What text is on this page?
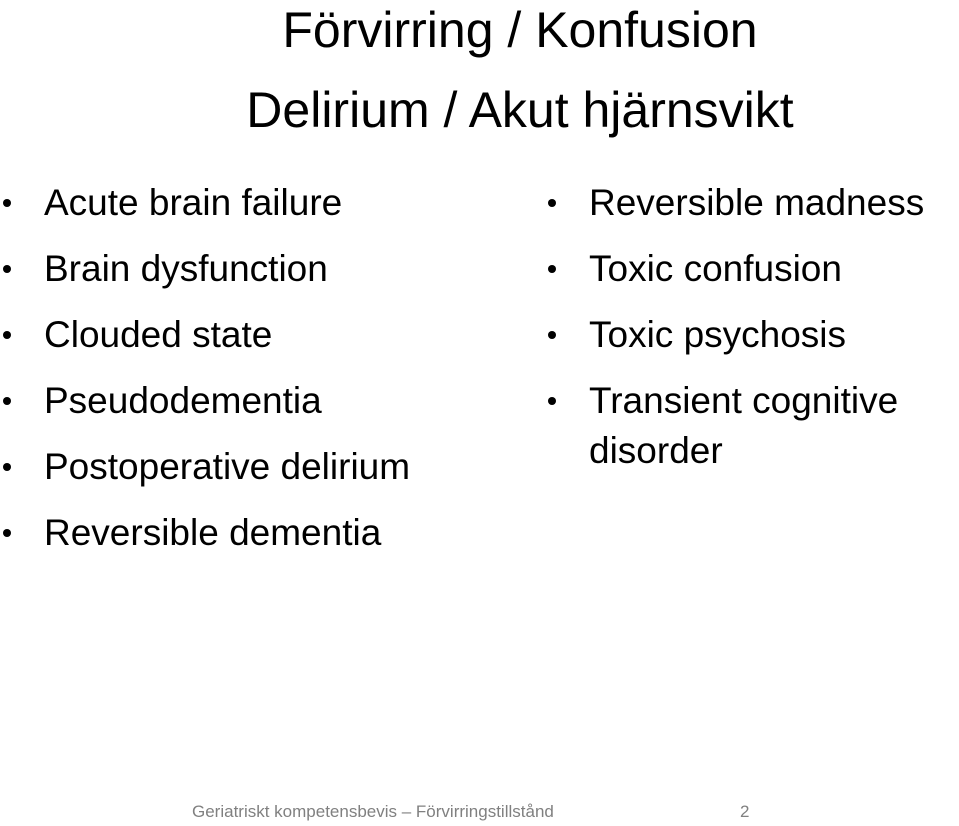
Förvirring / Konfusion
Delirium / Akut hjärnsvikt
Acute brain failure
Brain dysfunction
Clouded state
Pseudodementia
Postoperative delirium
Reversible dementia
Reversible madness
Toxic confusion
Toxic psychosis
Transient cognitive disorder
Geriatriskt kompetensbevis – Förvirringstillstånd	2
